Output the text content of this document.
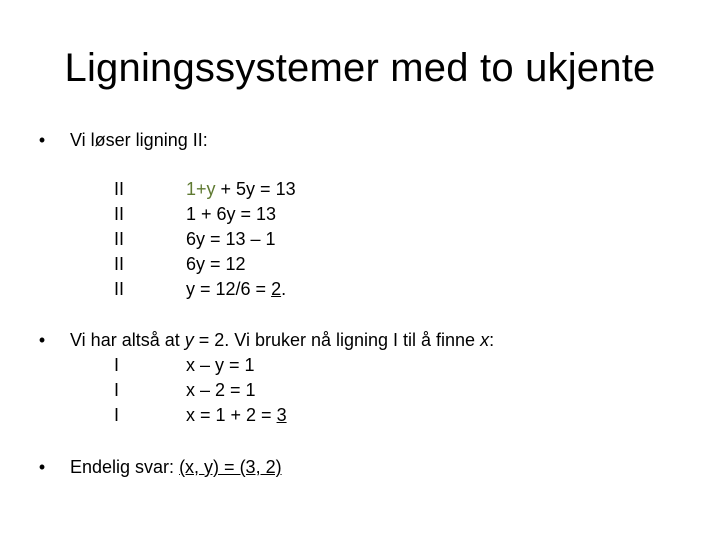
Ligningssystemer med to ukjente
• Vi løser ligning II:
II	1+y + 5y = 13
II	1 + 6y = 13
II	6y = 13 – 1
II	6y = 12
II	y = 12/6 = 2.
• Vi har altså at y = 2. Vi bruker nå ligning I til å finne x:
I	x – y = 1
I	x – 2 = 1
I	x = 1 + 2 = 3
• Endelig svar: (x, y) = (3, 2)
